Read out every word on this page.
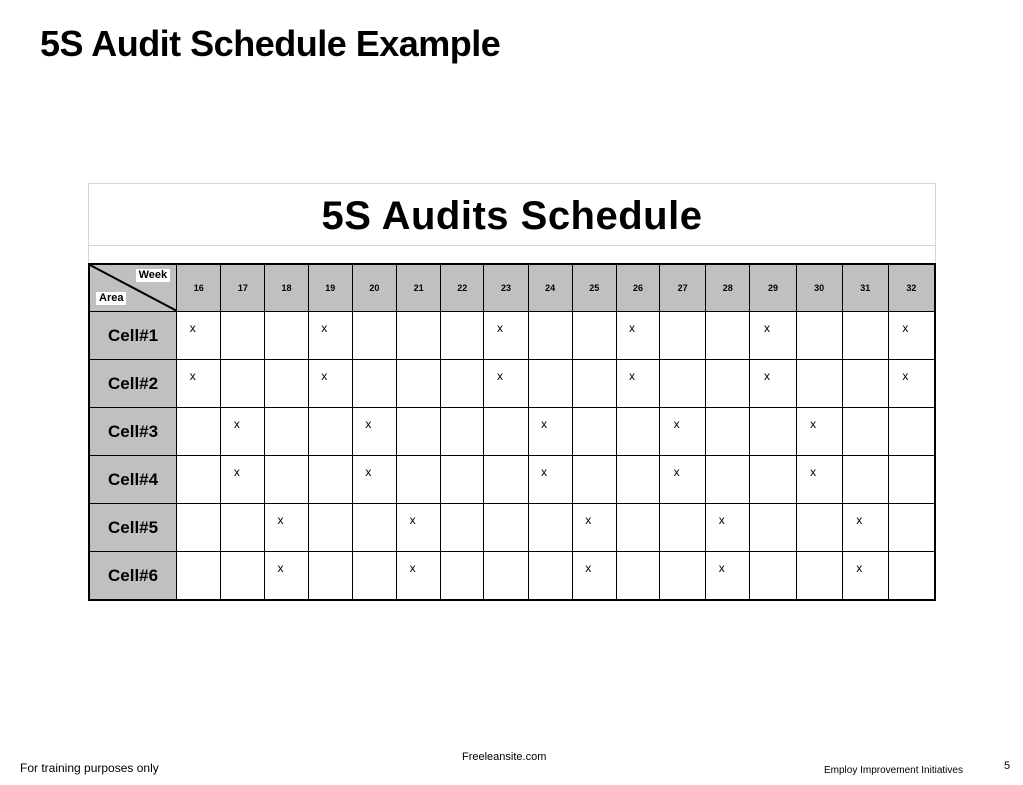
5S Audit Schedule Example
5S Audits Schedule
Week
Area	16	17	18	19	20	21	22	23	24	25	26	27	28	29	30	31	32
Cell#1	x			x				x			x			x			x
Cell#2	x			x				x			x			x			x
Cell#3		x			x				x			x			x		
Cell#4		x			x				x			x			x		
Cell#5			x			x				x			x			x	
Cell#6			x			x				x			x			x	
For training purposes only
Freeleansite.com
Employ Improvement Initiatives	5
